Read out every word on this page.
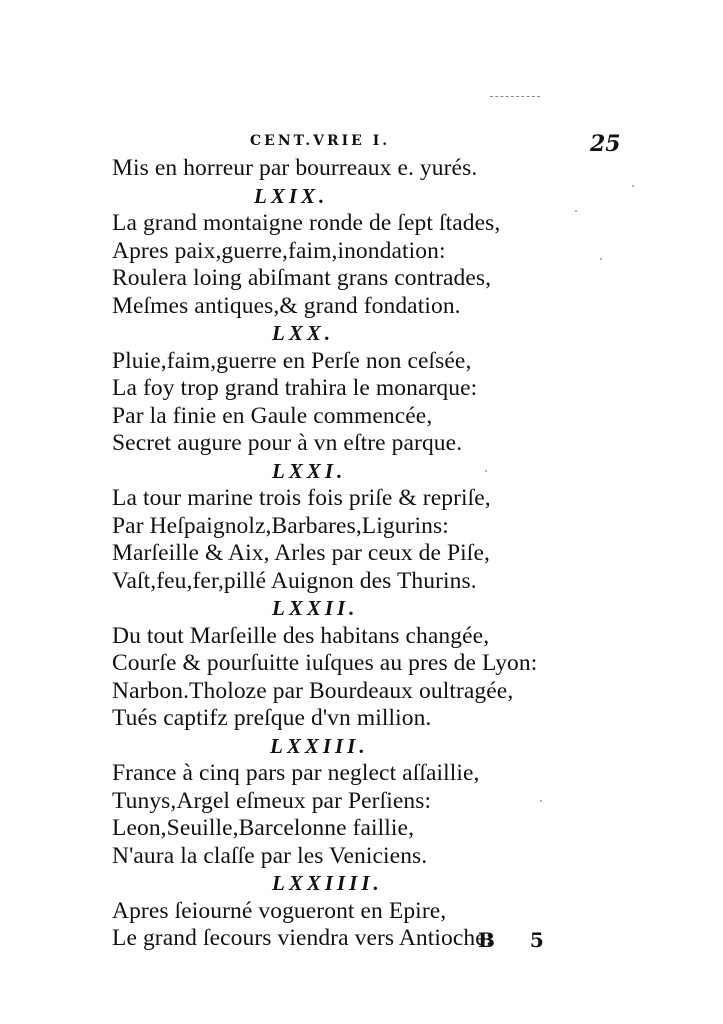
CENT.VRIE I.	25
Mis en horreur par bourreaux e. yurés.
LXIX.
La grand montaigne ronde de ſept ſtades,
Apres paix,guerre,faim,inondation:
Roulera loing abiſmant grans contrades,
Meſmes antiques,& grand fondation.
LXX.
Pluie,faim,guerre en Perſe non ceſsée,
La foy trop grand trahira le monarque:
Par la finie en Gaule commencée,
Secret augure pour à vn eſtre parque.
LXXI.
La tour marine trois fois priſe & repriſe,
Par Heſpaignolz,Barbares,Ligurins:
Marſeille & Aix, Arles par ceux de Piſe,
Vaſt,feu,fer,pillé Auignon des Thurins.
LXXII.
Du tout Marſeille des habitans changée,
Courſe & pourſuitte iuſques au pres de Lyon:
Narbon.Tholoze par Bourdeaux oultragée,
Tués captifz preſque d'vn million.
LXXIII.
France à cinq pars par neglect aſſaillie,
Tunys,Argel eſmeux par Perſiens:
Leon,Seuille,Barcelonne faillie,
N'aura la claſſe par les Veniciens.
LXXIIII.
Apres ſeiourné vogueront en Epire,
Le grand ſecours viendra vers Antioche:
B 5
